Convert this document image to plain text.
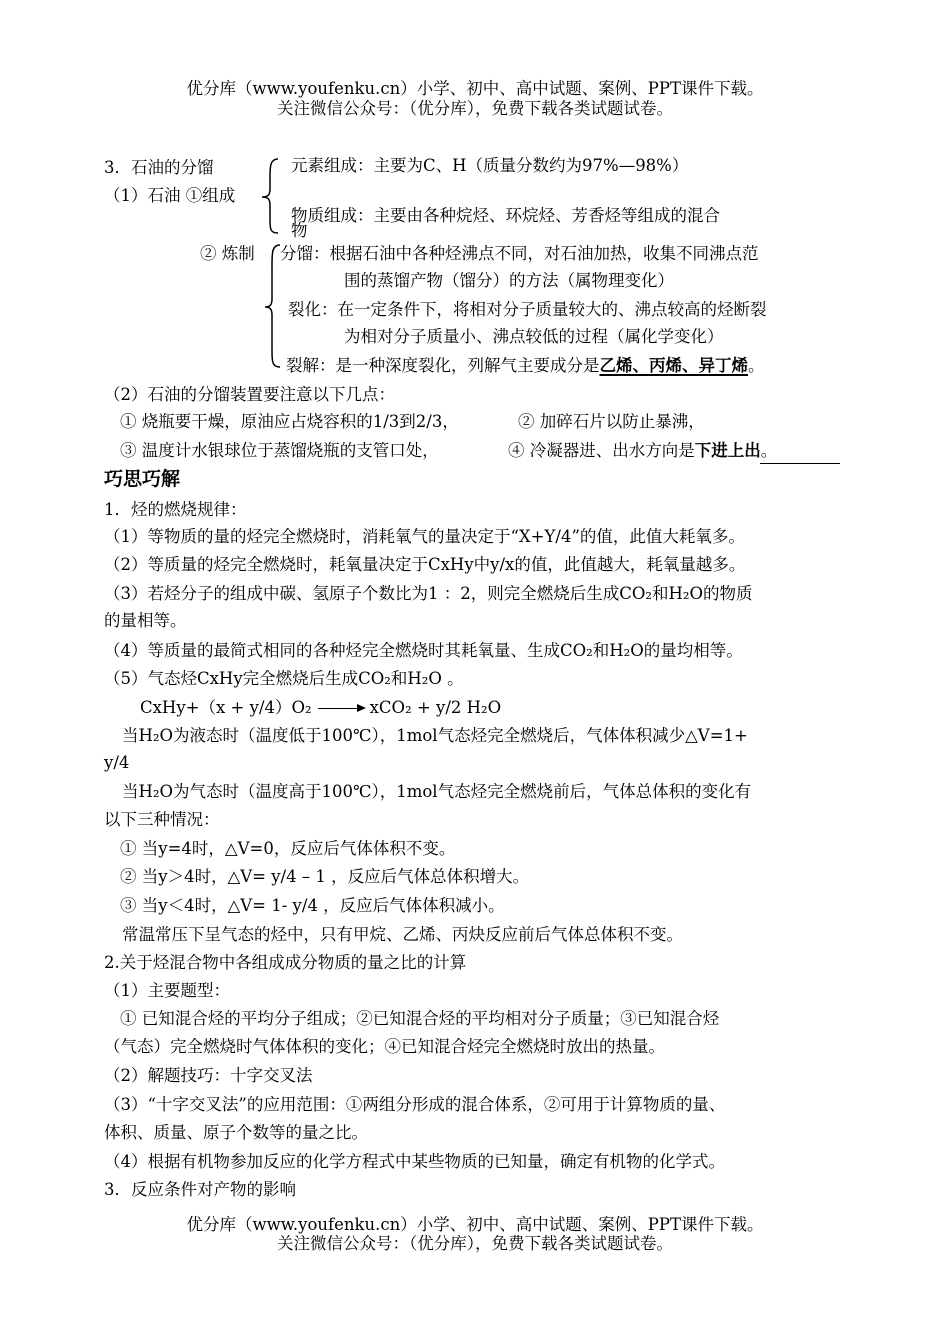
优分库（www.youfenku.cn）小学、初中、高中试题、案例、PPT课件下载。
关注微信公众号：（优分库），免费下载各类试题试卷。
3．石油的分馏
（1）石油 ①组成
元素组成：主要为C、H（质量分数约为97%—98%）
物质组成：主要由各种烷烃、环烷烃、芳香烃等组成的混合
物
② 炼制 分馏：根据石油中各种烃沸点不同，对石油加热，收集不同沸点范
围的蒸馏产物（馏分）的方法（属物理变化）
裂化：在一定条件下，将相对分子质量较大的、沸点较高的烃断裂
为相对分子质量小、沸点较低的过程（属化学变化）
裂解：是一种深度裂化，列解气主要成分是乙烯、丙烯、异丁烯。
（2）石油的分馏装置要注意以下几点：
① 烧瓶要干燥，原油应占烧容积的1/3到2/3，	② 加碎石片以防止暴沸，
③ 温度计水银球位于蒸馏烧瓶的支管口处，	④ 冷凝器进、出水方向是下进上出。
巧思巧解
1．烃的燃烧规律：
（1）等物质的量的烃完全燃烧时，消耗氧气的量决定于“X+Y/4”的值，此值大耗氧多。
（2）等质量的烃完全燃烧时，耗氧量决定于CxHy中y/x的值，此值越大，耗氧量越多。
（3）若烃分子的组成中碳、氢原子个数比为1 ：2，则完全燃烧后生成CO₂和H₂O的物质
的量相等。
（4）等质量的最简式相同的各种烃完全燃烧时其耗氧量、生成CO₂和H₂O的量均相等。
（5）气态烃CxHy完全燃烧后生成CO₂和H₂O 。
CxHy+（x + y/4）O₂ → xCO₂ + y/2 H₂O
当H₂O为液态时（温度低于100℃），1mol气态烃完全燃烧后，气体体积减少△V=1+
y/4
当H₂O为气态时（温度高于100℃），1mol气态烃完全燃烧前后，气体总体积的变化有
以下三种情况：
① 当y=4时，△V=0，反应后气体体积不变。
② 当y＞4时，△V= y/4 – 1 ，反应后气体总体积增大。
③ 当y＜4时，△V= 1- y/4 ，反应后气体体积减小。
常温常压下呈气态的烃中，只有甲烷、乙烯、丙炔反应前后气体总体积不变。
2.关于烃混合物中各组成成分物质的量之比的计算
（1）主要题型：
① 已知混合烃的平均分子组成；②已知混合烃的平均相对分子质量；③已知混合烃
（气态）完全燃烧时气体体积的变化；④已知混合烃完全燃烧时放出的热量。
（2）解题技巧：十字交叉法
（3）“十字交叉法”的应用范围：①两组分形成的混合体系，②可用于计算物质的量、
体积、质量、原子个数等的量之比。
（4）根据有机物参加反应的化学方程式中某些物质的已知量，确定有机物的化学式。
3．反应条件对产物的影响
优分库（www.youfenku.cn）小学、初中、高中试题、案例、PPT课件下载。
关注微信公众号：（优分库），免费下载各类试题试卷。
